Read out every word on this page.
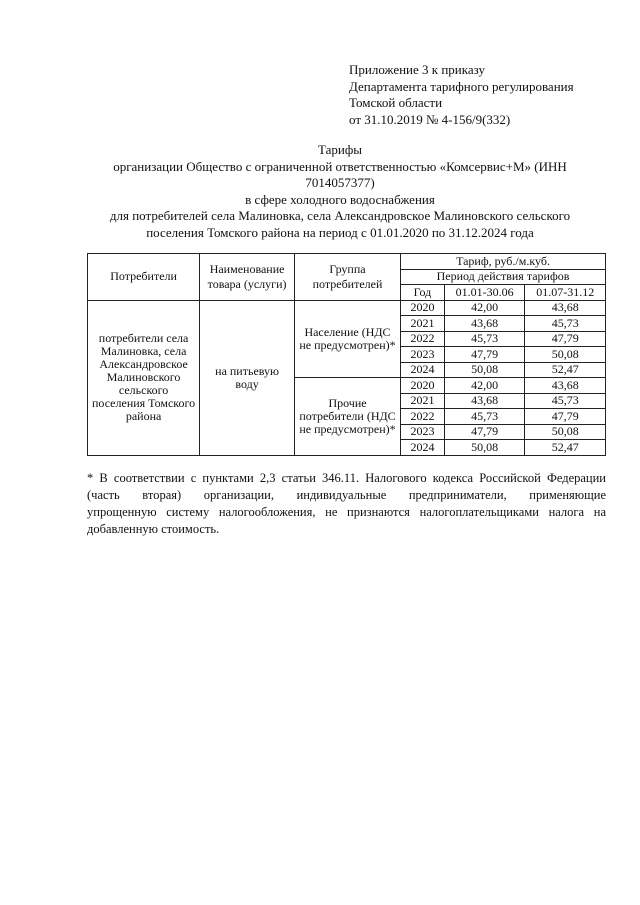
Приложение 3 к приказу
Департамента тарифного регулирования
Томской области
от 31.10.2019 № 4-156/9(332)
Тарифы
организации Общество с ограниченной ответственностью «Комсервис+М» (ИНН
7014057377)
в сфере холодного водоснабжения
для потребителей села Малиновка, села Александровское Малиновского сельского
поселения Томского района на период с 01.01.2020 по 31.12.2024 года
Потребители	Наименование товара (услуги)	Группа потребителей	Тариф, руб./м.куб.		
			Период действия тарифов		
			Год	01.01-30.06	01.07-31.12
потребители села Малиновка, села Александровское Малиновского сельского поселения Томского района	на питьевую воду	Население (НДС не предусмотрен)*	2020	42,00	43,68
			2021	43,68	45,73
			2022	45,73	47,79
			2023	47,79	50,08
			2024	50,08	52,47
		Прочие потребители (НДС не предусмотрен)*	2020	42,00	43,68
			2021	43,68	45,73
			2022	45,73	47,79
			2023	47,79	50,08
			2024	50,08	52,47
* В соответствии с пунктами 2,3 статьи 346.11. Налогового кодекса Российской Федерации
(часть вторая) организации, индивидуальные предприниматели, применяющие
упрощенную систему налогообложения, не признаются налогоплательщиками налога на
добавленную стоимость.
